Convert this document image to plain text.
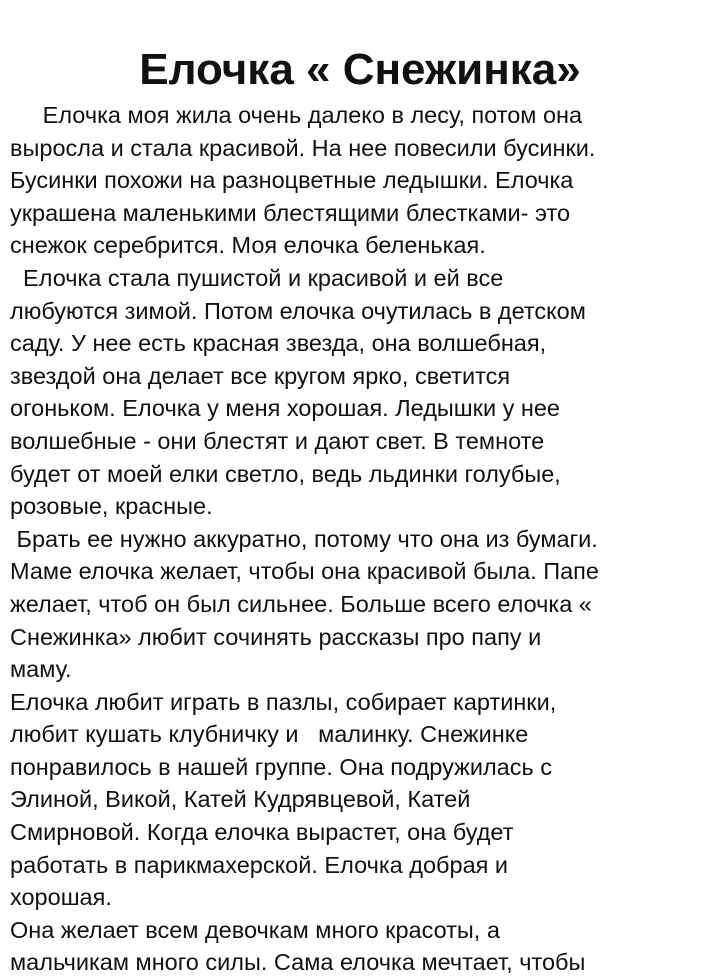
Елочка « Снежинка»
Елочка моя жила очень далеко в лесу, потом она
выросла и стала красивой. На нее повесили бусинки.
Бусинки похожи на разноцветные ледышки. Елочка
украшена маленькими блестящими блестками- это
снежок серебрится. Моя елочка беленькая.
Елочка стала пушистой и красивой и ей все
любуются зимой. Потом елочка очутилась в детском
саду. У нее есть красная звезда, она волшебная,
звездой она делает все кругом ярко, светится
огоньком. Елочка у меня хорошая. Ледышки у нее
волшебные - они блестят и дают свет. В темноте
будет от моей елки светло, ведь льдинки голубые,
розовые, красные.
Брать ее нужно аккуратно, потому что она из бумаги.
Маме елочка желает, чтобы она красивой была. Папе
желает, чтоб он был сильнее. Больше всего елочка «
Снежинка» любит сочинять рассказы про папу и
маму.
Елочка любит играть в пазлы, собирает картинки,
любит кушать клубничку и   малинку. Снежинке
понравилось в нашей группе. Она подружилась с
Элиной, Викой, Катей Кудрявцевой, Катей
Смирновой. Когда елочка вырастет, она будет
работать в парикмахерской. Елочка добрая и
хорошая.
Она желает всем девочкам много красоты, а
мальчикам много силы. Сама елочка мечтает, чтобы
